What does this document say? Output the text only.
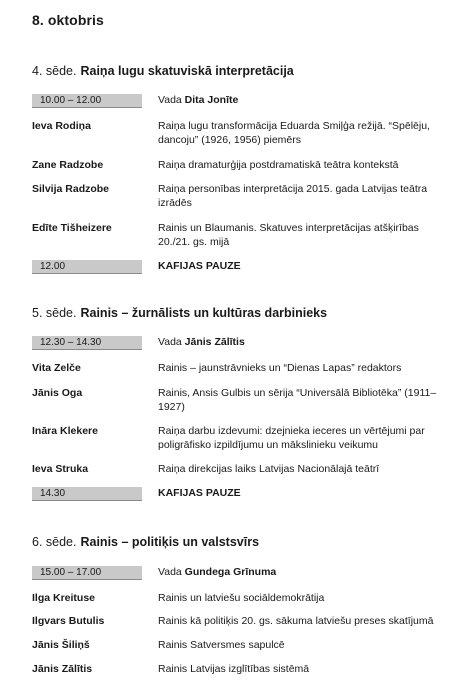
8. oktobris
4. sēde. Raiņa lugu skatuviskā interpretācija
10.00 – 12.00	Vada Dita Jonīte
Ieva Rodiņa	Raiņa lugu transformācija Eduarda Smiļģa režijā. “Spēlēju, dancoju” (1926, 1956) piemērs
Zane Radzobe	Raiņa dramaturģija postdramatiskā teātra kontekstā
Silvija Radzobe	Raiņa personības interpretācija 2015. gada Latvijas teātra izrādēs
Edīte Tišheizere	Rainis un Blaumanis. Skatuves interpretācijas atšķirības 20./21. gs. mijā
12.00	KAFIJAS PAUZE
5. sēde. Rainis – žurnālists un kultūras darbinieks
12.30 – 14.30	Vada Jānis Zālītis
Vita Zelče	Rainis – jaunstrāvnieks un “Dienas Lapas” redaktors
Jānis Oga	Rainis, Ansis Gulbis un sērija “Universālā Bibliotēka” (1911–1927)
Ināra Klekere	Raiņa darbu izdevumi: dzejnieka ieceres un vērtējumi par poligrāfisko izpildījumu un mākslinieku veikumu
Ieva Struka	Raiņa direkcijas laiks Latvijas Nacionālajā teātrī
14.30	KAFIJAS PAUZE
6. sēde. Rainis – politiķis un valstsvīrs
15.00 – 17.00	Vada Gundega Grīnuma
Ilga Kreituse	Rainis un latviešu sociāldemokrātija
Ilgvars Butulis	Rainis kā politiķis 20. gs. sākuma latviešu preses skatījumā
Jānis Šiliņš	Rainis Satversmes sapulcē
Jānis Zālītis	Rainis Latvijas izglītības sistēmā
